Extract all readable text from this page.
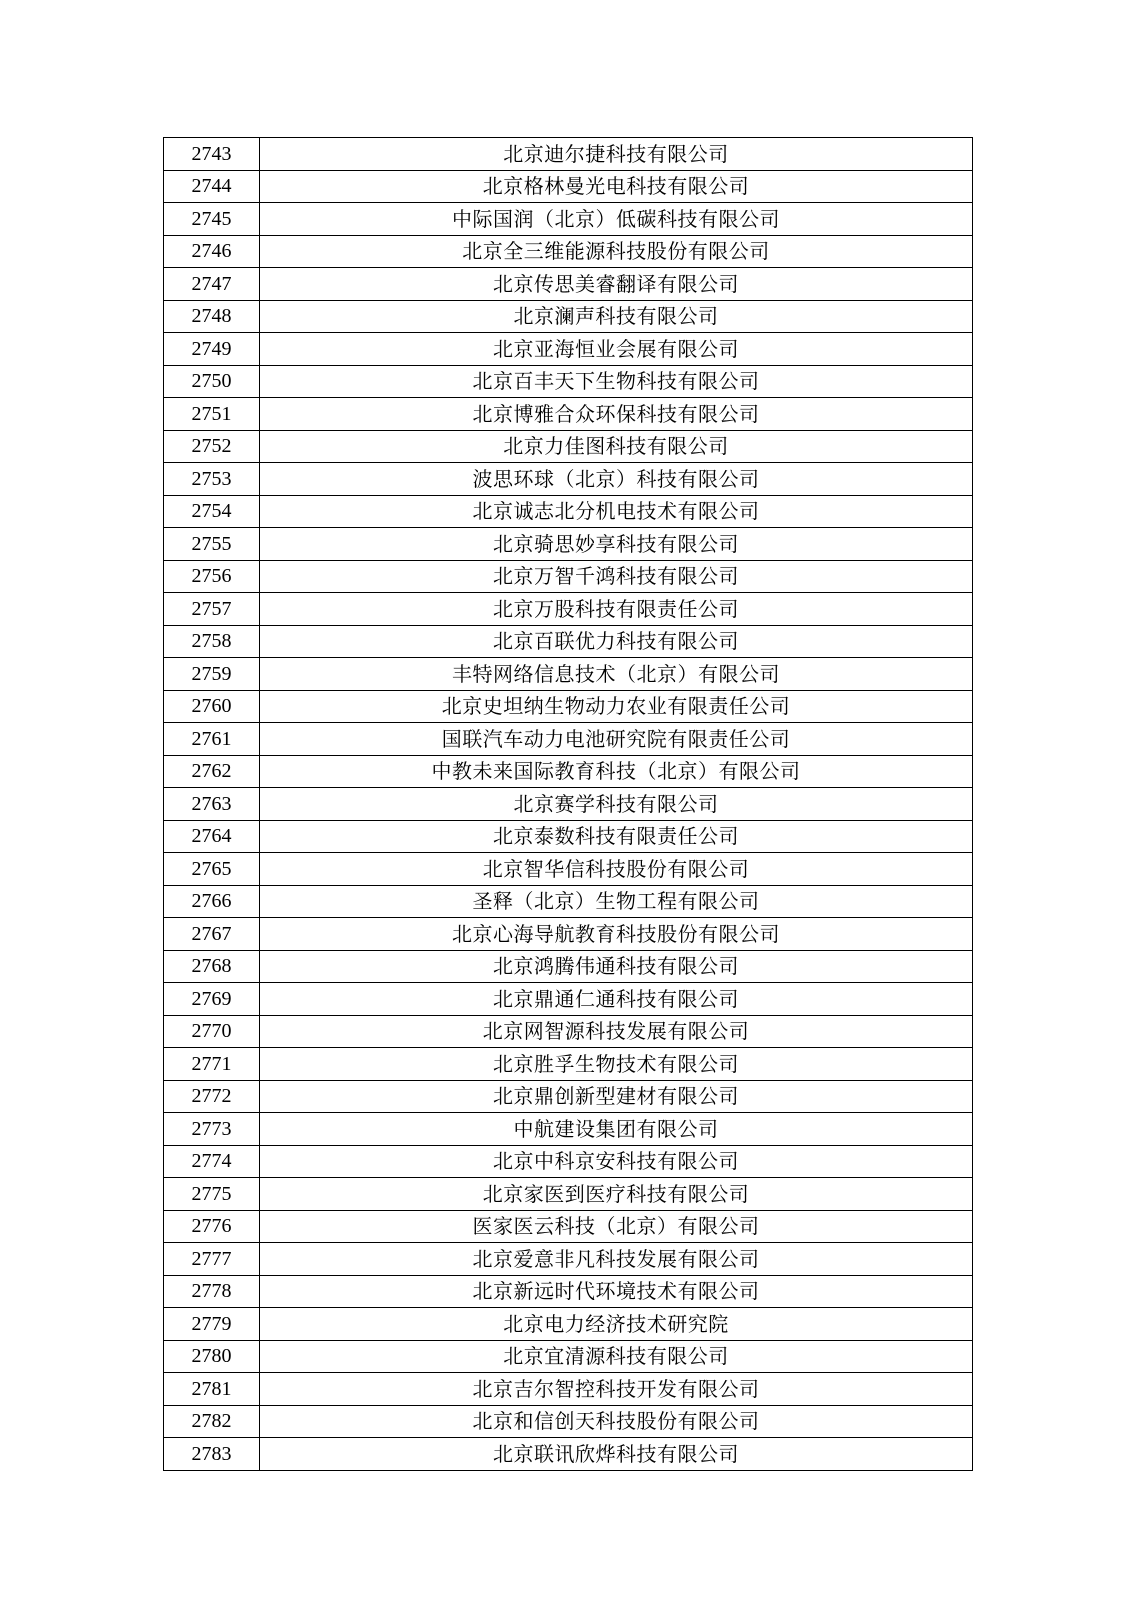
2743	北京迪尔捷科技有限公司
2744	北京格林曼光电科技有限公司
2745	中际国润（北京）低碳科技有限公司
2746	北京全三维能源科技股份有限公司
2747	北京传思美睿翻译有限公司
2748	北京澜声科技有限公司
2749	北京亚海恒业会展有限公司
2750	北京百丰天下生物科技有限公司
2751	北京博雅合众环保科技有限公司
2752	北京力佳图科技有限公司
2753	波思环球（北京）科技有限公司
2754	北京诚志北分机电技术有限公司
2755	北京骑思妙享科技有限公司
2756	北京万智千鸿科技有限公司
2757	北京万股科技有限责任公司
2758	北京百联优力科技有限公司
2759	丰特网络信息技术（北京）有限公司
2760	北京史坦纳生物动力农业有限责任公司
2761	国联汽车动力电池研究院有限责任公司
2762	中教未来国际教育科技（北京）有限公司
2763	北京赛学科技有限公司
2764	北京泰数科技有限责任公司
2765	北京智华信科技股份有限公司
2766	圣释（北京）生物工程有限公司
2767	北京心海导航教育科技股份有限公司
2768	北京鸿腾伟通科技有限公司
2769	北京鼎通仁通科技有限公司
2770	北京网智源科技发展有限公司
2771	北京胜孚生物技术有限公司
2772	北京鼎创新型建材有限公司
2773	中航建设集团有限公司
2774	北京中科京安科技有限公司
2775	北京家医到医疗科技有限公司
2776	医家医云科技（北京）有限公司
2777	北京爱意非凡科技发展有限公司
2778	北京新远时代环境技术有限公司
2779	北京电力经济技术研究院
2780	北京宜清源科技有限公司
2781	北京吉尔智控科技开发有限公司
2782	北京和信创天科技股份有限公司
2783	北京联讯欣烨科技有限公司
